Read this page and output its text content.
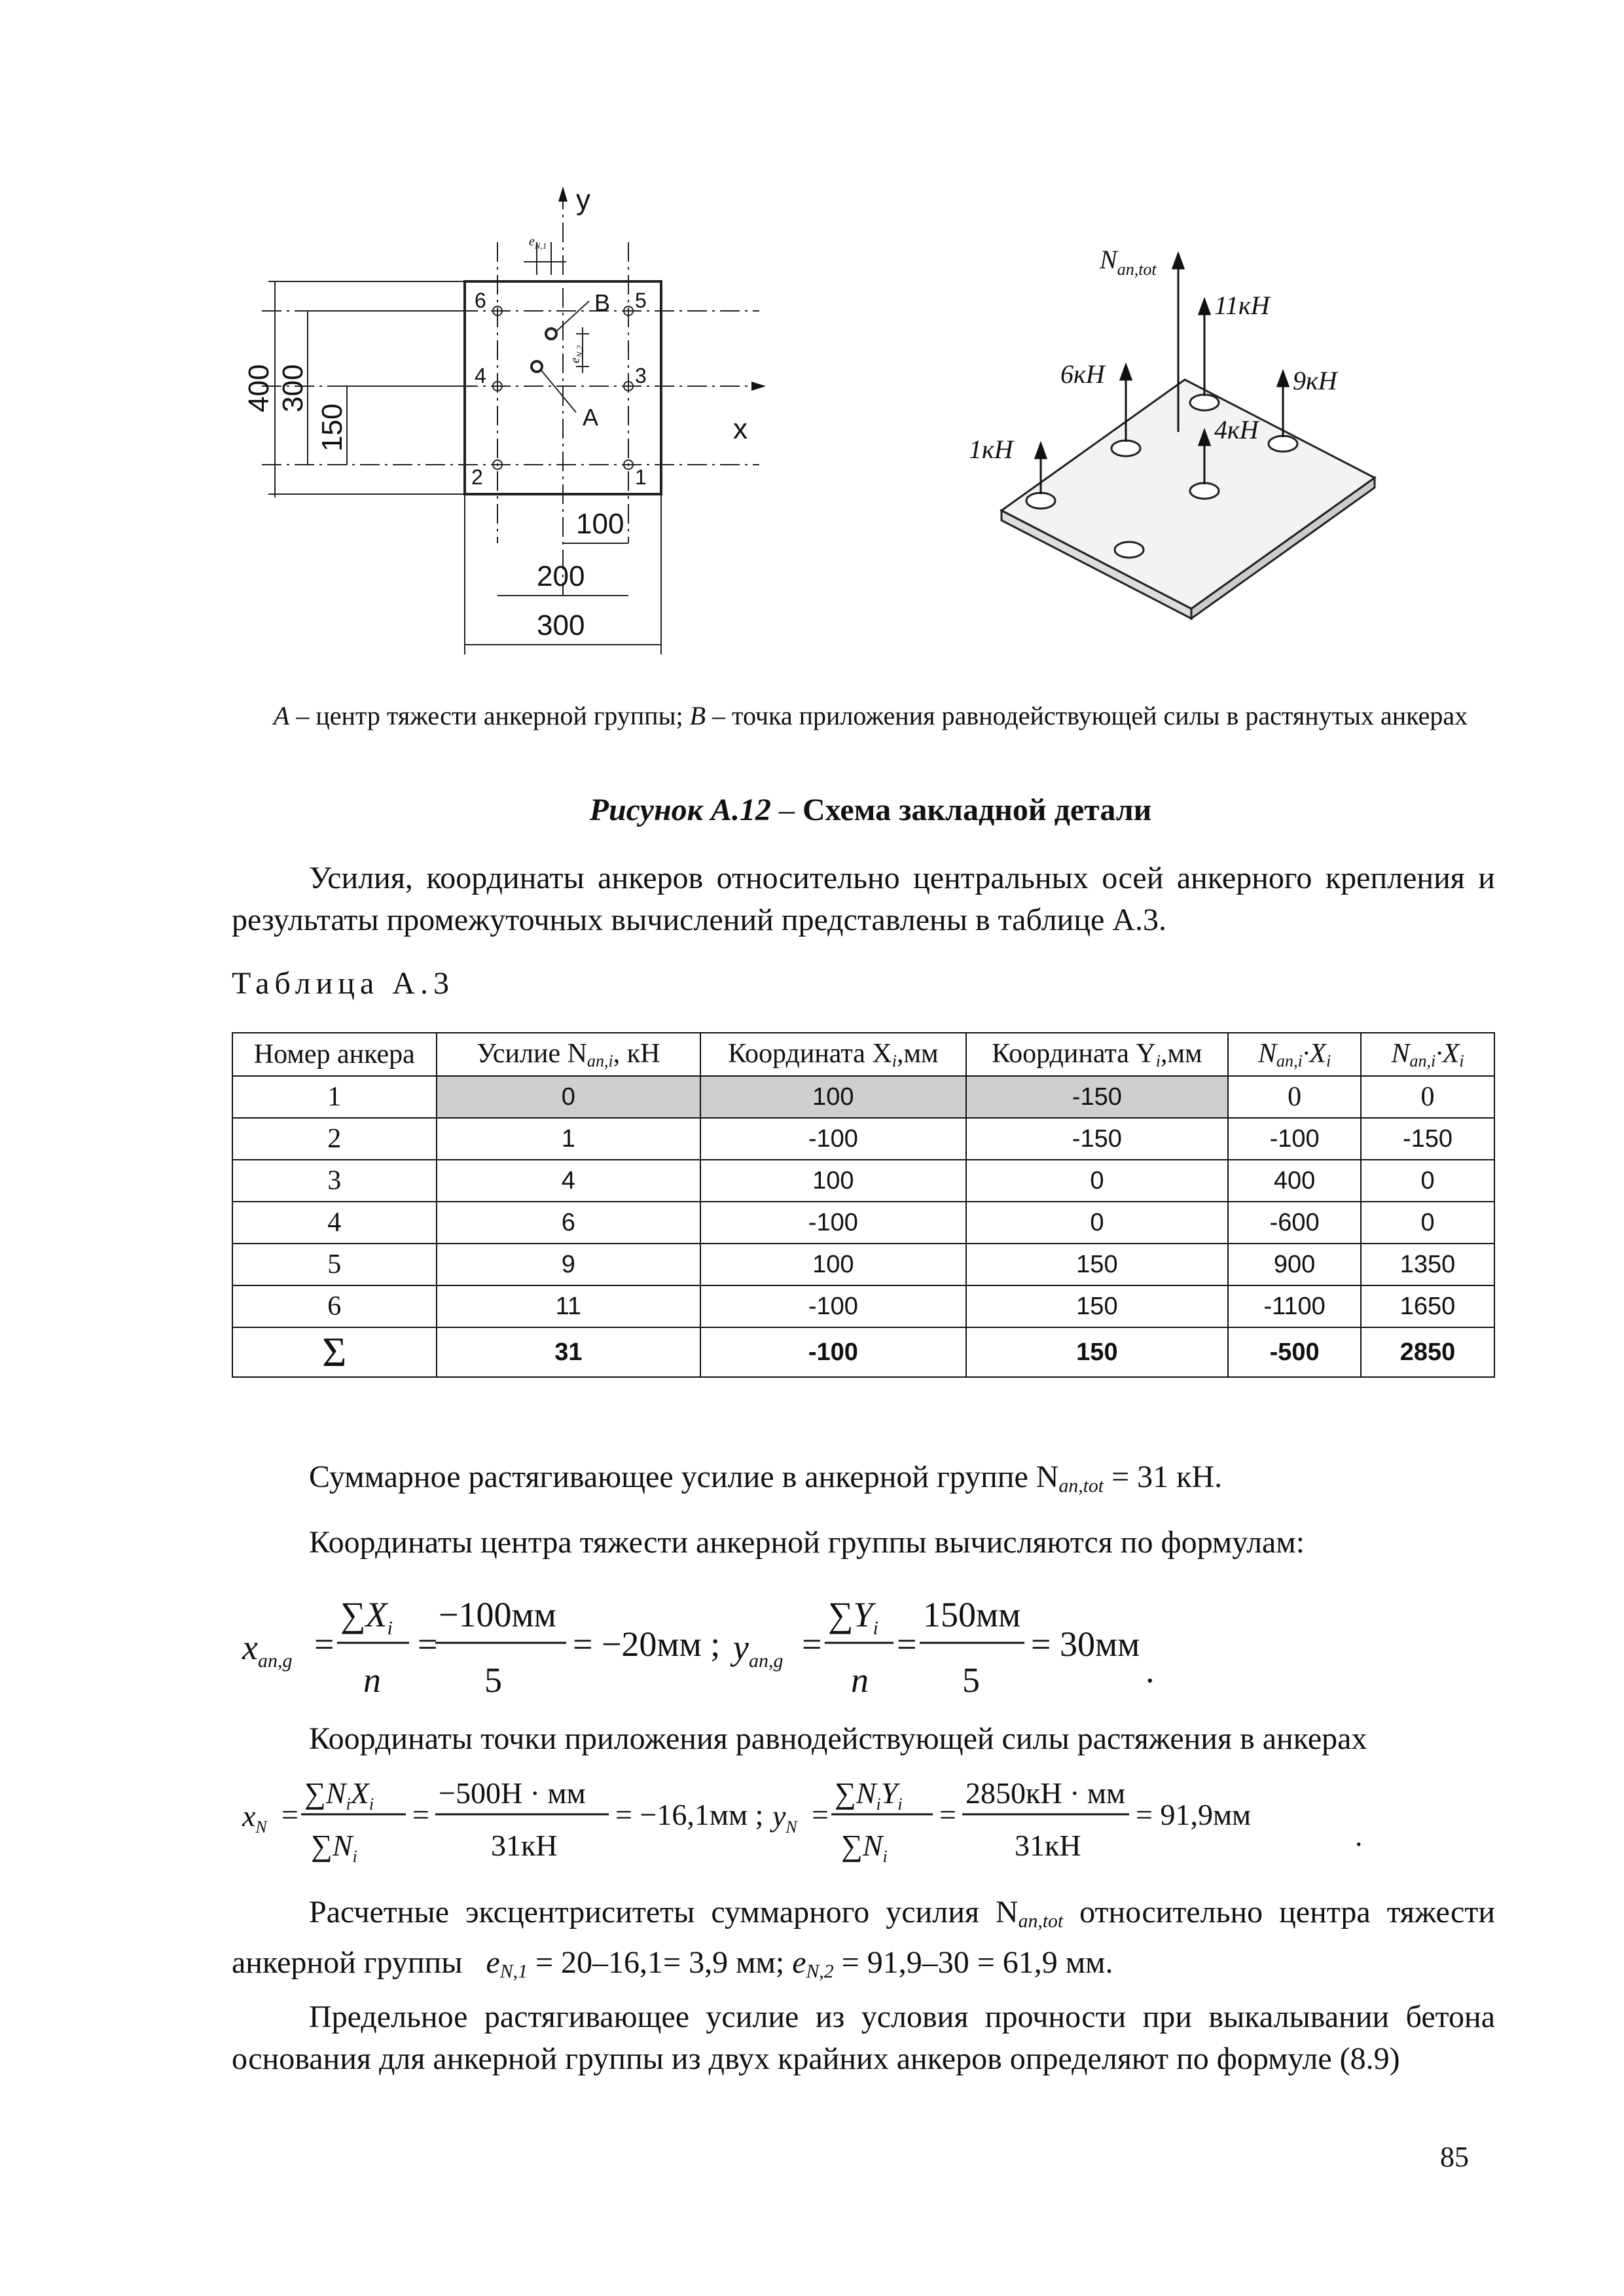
y
x
B
A
6	5
4	3
2	1
100
200
300
400 300
150
$e_{N,1}$
$e_{N,2}$
$N_{an,tot}$
11кН
6кН	9кН
4кН
1кН
А – центр тяжести анкерной группы; В – точка приложения равнодействующей силы в растянутых анкерах
Рисунок А.12 – Схема закладной детали
Усилия, координаты анкеров относительно центральных осей анкерного крепления и результаты промежуточных вычислений представлены в таблице А.3.
Таблица А.3
Номер анкера	Усилие $N_{an,i}$, кН	Координата $X_i,мм$	Координата $Y_i,мм$	$N_{an,i}\cdot X_i$	$N_{an,i}\cdot X_i$
1	0	100	-150	0	0
2	1	-100	-150	-100	-150
3	4	100	0	400	0
4	6	-100	0	-600	0
5	9	100	150	900	1350
6	11	-100	150	-1100	1650
Σ	31	-100	150	-500	2850
Суммарное растягивающее усилие в анкерной группе $N_{an,tot} = 31$ кН.
Координаты центра тяжести анкерной группы вычисляются по формулам:
$x_{an,g}$ =
$\sum X_i$
n
=
−100мм
5
= −20мм ; $y_{an,g}$ =
$\sum Y_i$
n
=
150мм
5
= 30мм
.
Координаты точки приложения равнодействующей силы растяжения в анкерах
$x_N$ =
$\sum N_iX_i$
$\sum N_i$
=
−500Н · мм
31кН
= −16,1мм ; $y_N$ =
$\sum N_iY_i$
$\sum N_i$
=
2850кН · мм
31кН
= 91,9мм
.
Расчетные эксцентриситеты суммарного усилия $N_{an,tot}$ относительно центра тяжести анкерной группы $e_{N,1} = 20-16,1= 3,9$ мм; $e_{N,2} = 91,9-30 = 61,9$ мм.
Предельное растягивающее усилие из условия прочности при выкалывании бетона основания для анкерной группы из двух крайних анкеров определяют по формуле (8.9)
85
